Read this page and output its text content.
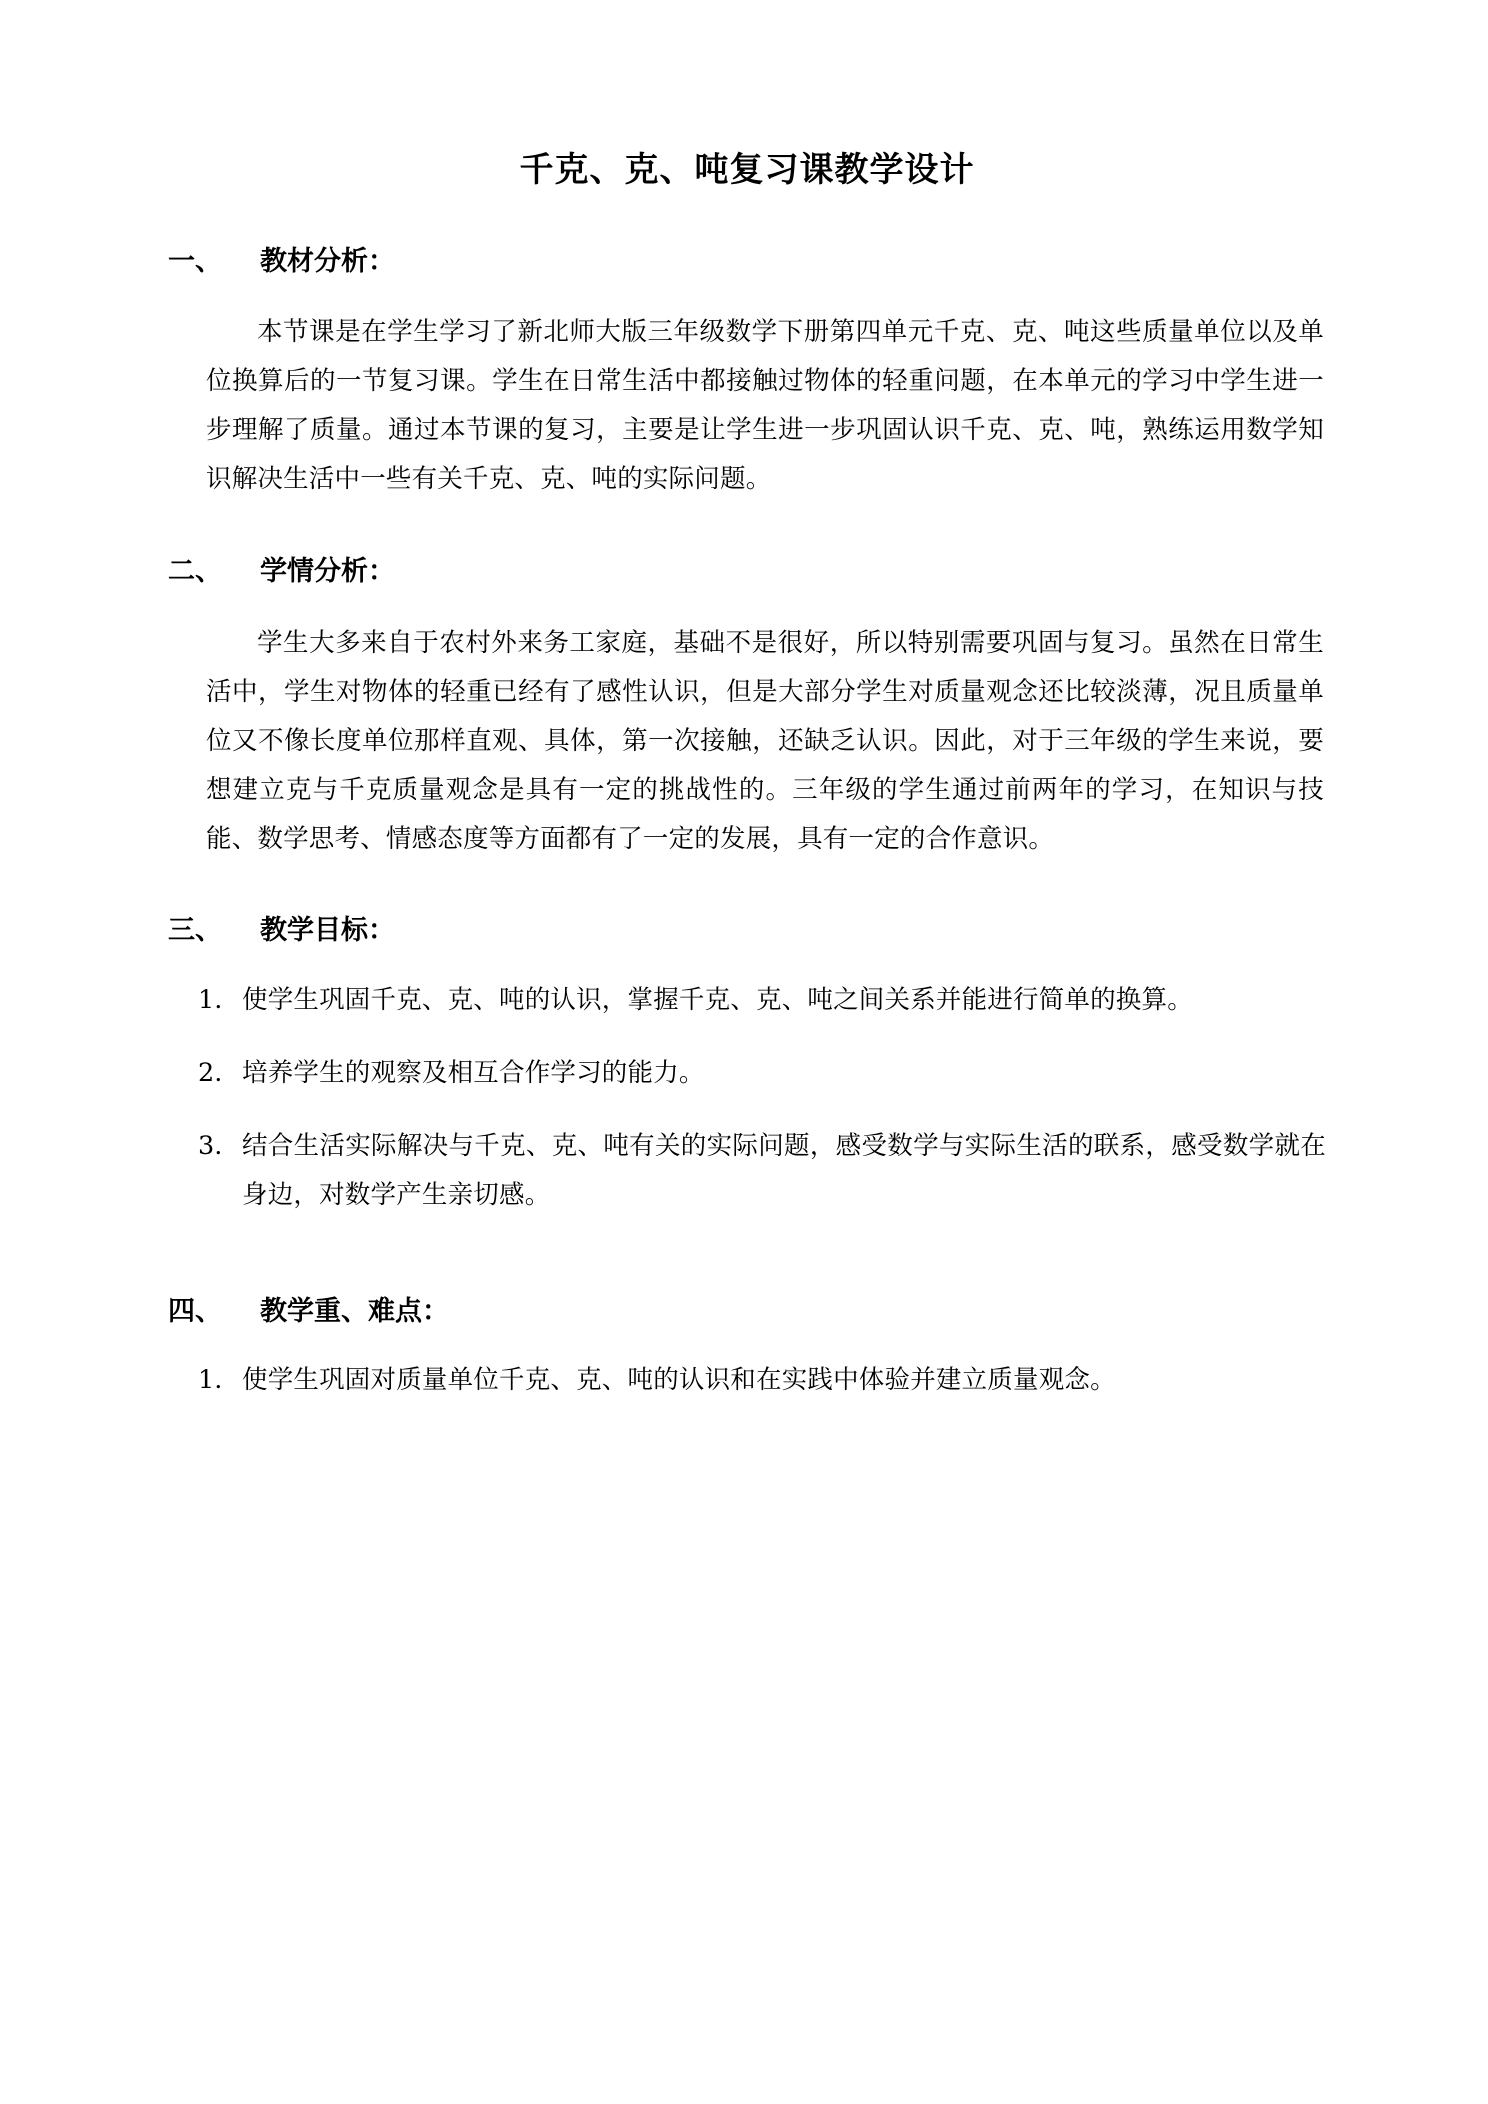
千克、克、吨复习课教学设计
一、 教材分析：

本节课是在学生学习了新北师大版三年级数学下册第四单元千克、克、吨这些质量单位以及单位换算后的一节复习课。学生在日常生活中都接触过物体的轻重问题，在本单元的学习中学生进一步理解了质量。通过本节课的复习，主要是让学生进一步巩固认识千克、克、吨，熟练运用数学知识解决生活中一些有关千克、克、吨的实际问题。

二、 学情分析：

学生大多来自于农村外来务工家庭，基础不是很好，所以特别需要巩固与复习。虽然在日常生活中，学生对物体的轻重已经有了感性认识，但是大部分学生对质量观念还比较淡薄，况且质量单位又不像长度单位那样直观、具体，第一次接触，还缺乏认识。因此，对于三年级的学生来说，要想建立克与千克质量观念是具有一定的挑战性的。三年级的学生通过前两年的学习，在知识与技能、数学思考、情感态度等方面都有了一定的发展，具有一定的合作意识。

三、 教学目标：
1. 使学生巩固千克、克、吨的认识，掌握千克、克、吨之间关系并能进行简单的换算。
2. 培养学生的观察及相互合作学习的能力。
3. 结合生活实际解决与千克、克、吨有关的实际问题，感受数学与实际生活的联系，感受数学就在身边，对数学产生亲切感。
四、 教学重、难点：
1. 使学生巩固对质量单位千克、克、吨的认识和在实践中体验并建立质量观念。
